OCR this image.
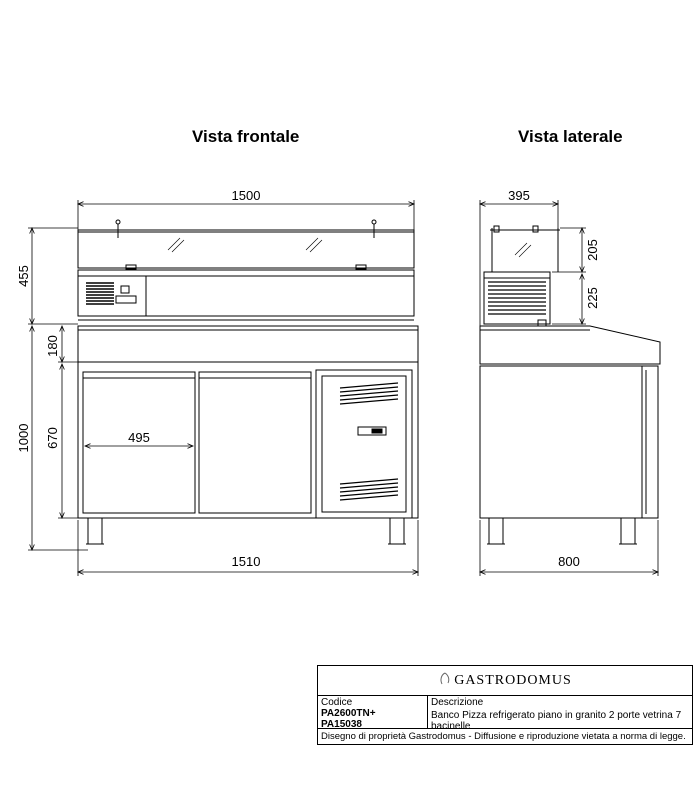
Vista frontale	Vista laterale
1500
455
1000
180
670	495
1510
395
205
225
800
GASTRODOMUS
Codice
PA2600TN+
PA15038
Descrizione
Banco Pizza refrigerato piano in granito 2 porte vetrina 7 bacinelle
Disegno di proprietà Gastrodomus - Diffusione e riproduzione vietata a norma di legge.
